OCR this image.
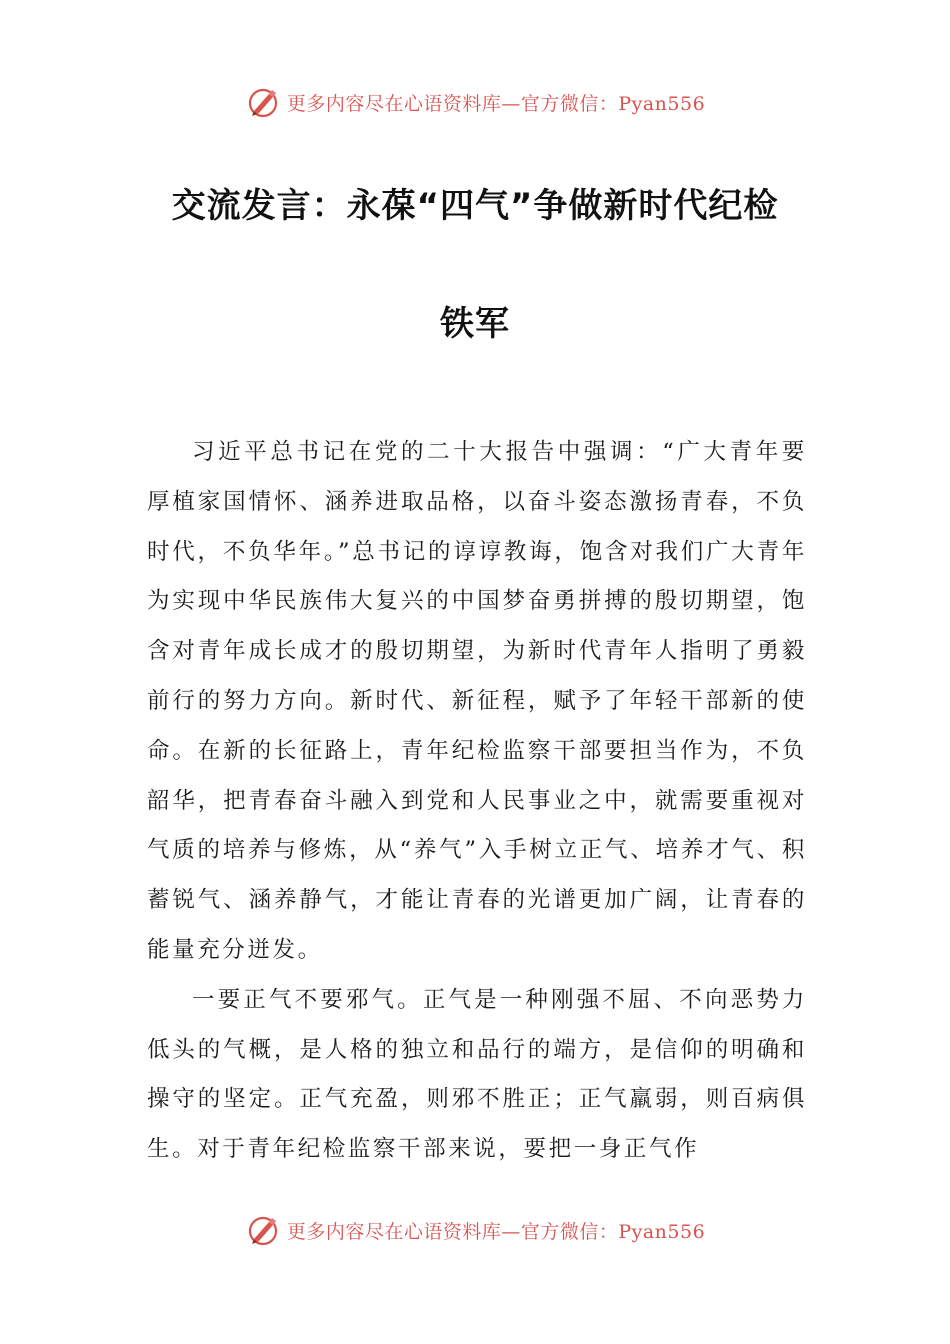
更多内容尽在心语资料库—官方微信：Pyan556
交流发言：永葆“四气”争做新时代纪检
铁军

习近平总书记在党的二十大报告中强调：“广大青年要厚植家国情怀、涵养进取品格，以奋斗姿态激扬青春，不负时代，不负华年。”总书记的谆谆教诲，饱含对我们广大青年为实现中华民族伟大复兴的中国梦奋勇拼搏的殷切期望，饱含对青年成长成才的殷切期望，为新时代青年人指明了勇毅前行的努力方向。新时代、新征程，赋予了年轻干部新的使命。在新的长征路上，青年纪检监察干部要担当作为，不负韶华，把青春奋斗融入到党和人民事业之中，就需要重视对气质的培养与修炼，从“养气”入手树立正气、培养才气、积蓄锐气、涵养静气，才能让青春的光谱更加广阔，让青春的能量充分迸发。

一要正气不要邪气。正气是一种刚强不屈、不向恶势力低头的气概，是人格的独立和品行的端方，是信仰的明确和操守的坚定。正气充盈，则邪不胜正；正气羸弱，则百病俱生。对于青年纪检监察干部来说，要把一身正气作

更多内容尽在心语资料库—官方微信：Pyan556
